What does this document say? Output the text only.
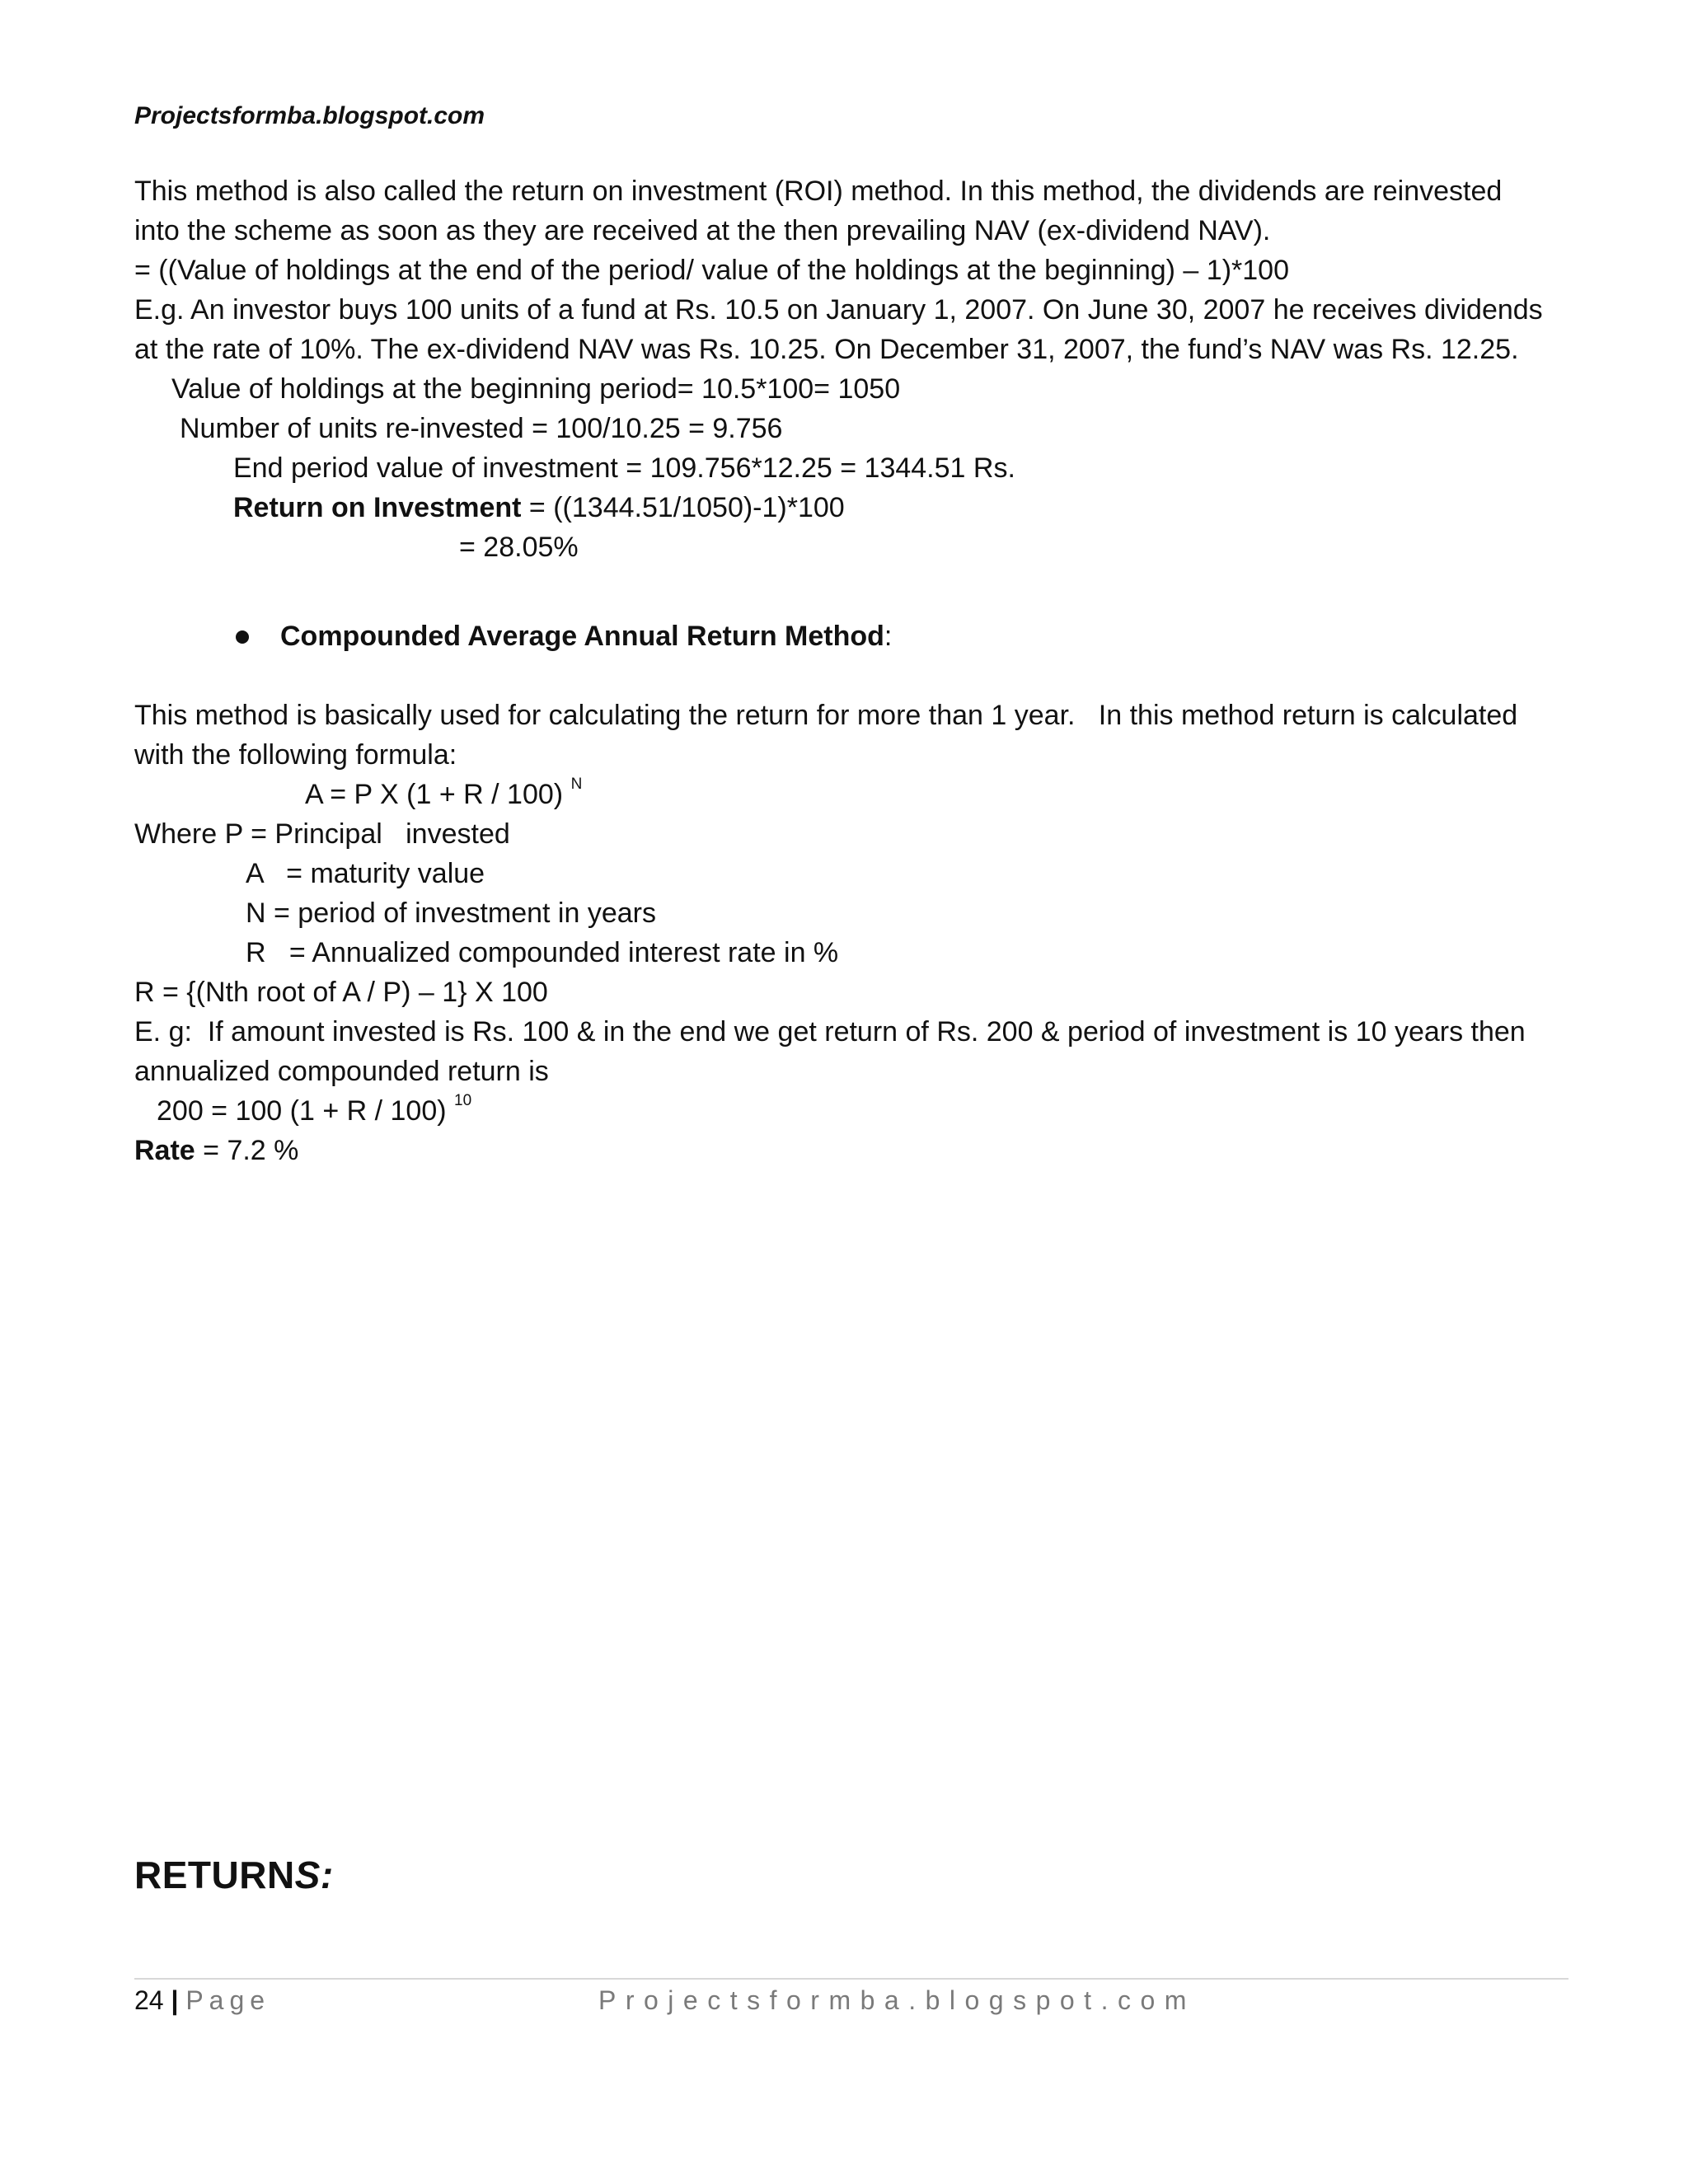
Projectsformba.blogspot.com
This method is also called the return on investment (ROI) method. In this method, the dividends are reinvested
into the scheme as soon as they are received at the then prevailing NAV (ex-dividend NAV).
= ((Value of holdings at the end of the period/ value of the holdings at the beginning) – 1)*100
E.g. An investor buys 100 units of a fund at Rs. 10.5 on January 1, 2007. On June 30, 2007 he receives dividends
at the rate of 10%. The ex-dividend NAV was Rs. 10.25. On December 31, 2007, the fund’s NAV was Rs. 12.25.
Value of holdings at the beginning period= 10.5*100= 1050
Number of units re-invested = 100/10.25 = 9.756
End period value of investment = 109.756*12.25 = 1344.51 Rs.
Return on Investment = ((1344.51/1050)-1)*100
= 28.05%
Compounded Average Annual Return Method:
This method is basically used for calculating the return for more than 1 year.   In this method return is calculated
with the following formula:
A = P X (1 + R / 100) $^N$
Where P = Principal   invested
A   = maturity value
N = period of investment in years
R   = Annualized compounded interest rate in %
R = {(Nth root of A / P) – 1} X 100
E. g:  If amount invested is Rs. 100 & in the end we get return of Rs. 200 & period of investment is 10 years then
annualized compounded return is
200 = 100 (1 + R / 100) $^{10}$
Rate = 7.2 %
RETURNS:
24 | Page	Projectsformba.blogspot.com
